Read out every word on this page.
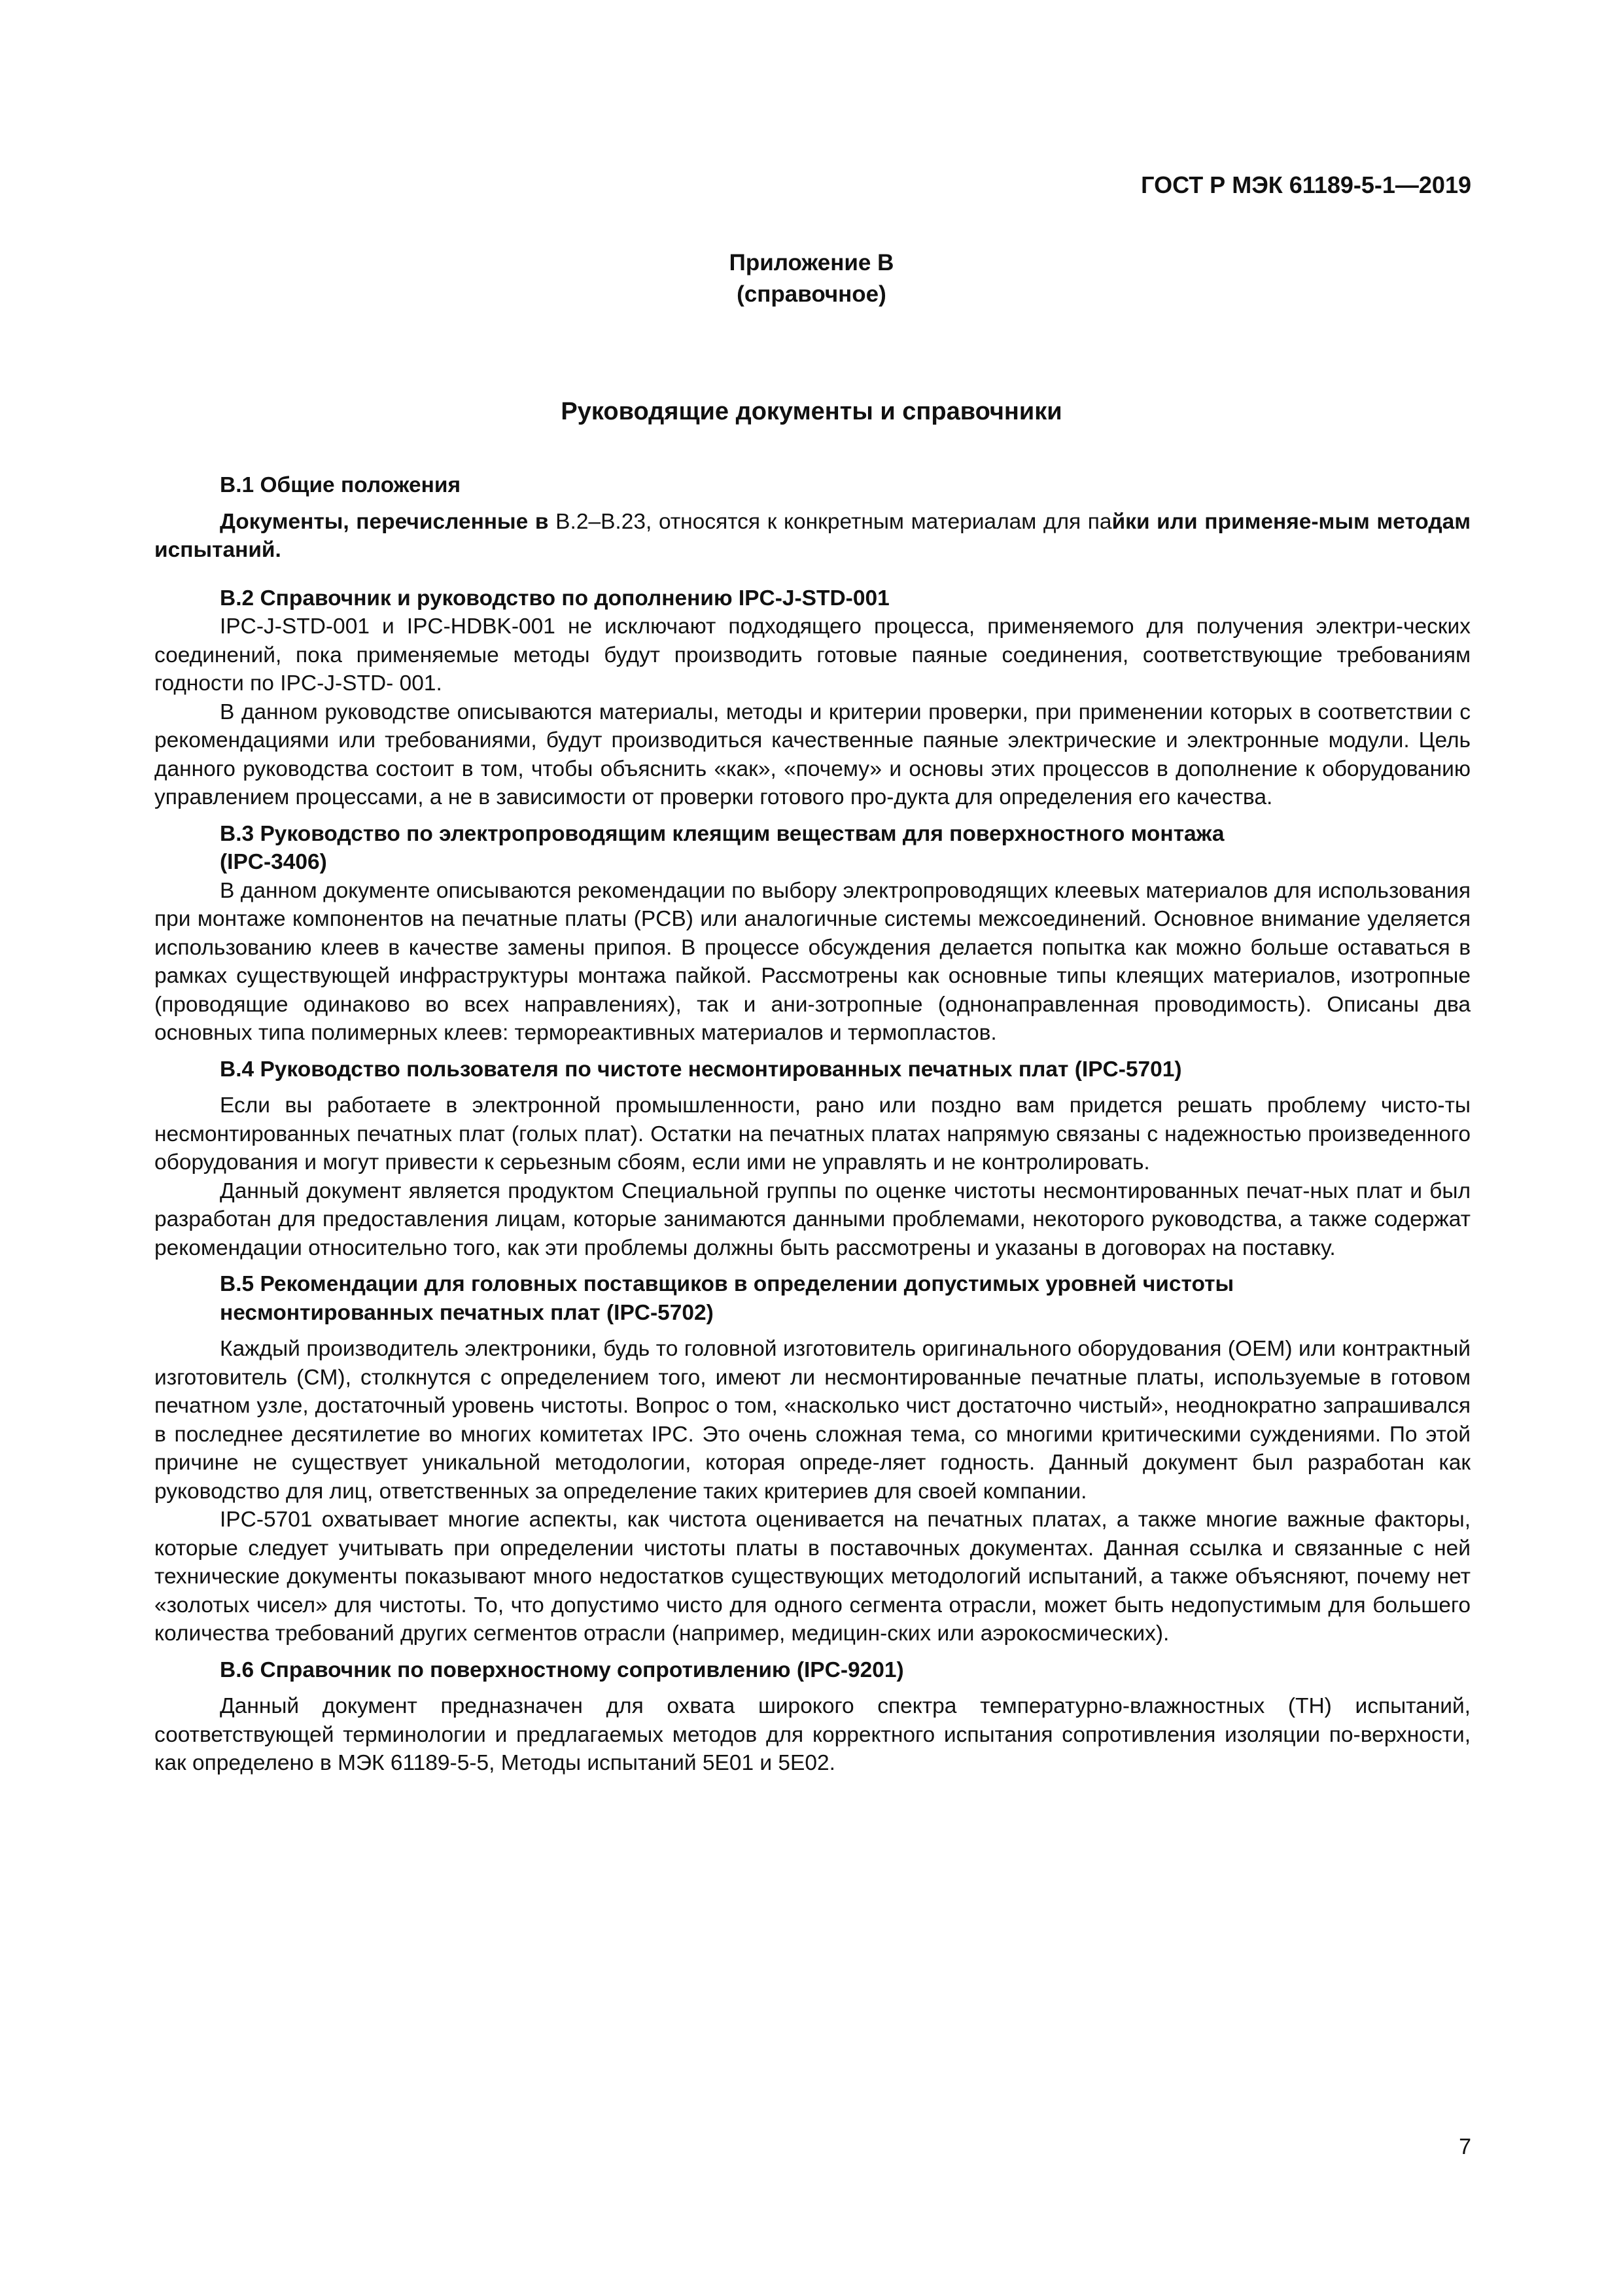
ГОСТ Р МЭК 61189-5-1—2019
Приложение В
(справочное)
Руководящие документы и справочники
В.1 Общие положения

Документы, перечисленные в В.2–В.23, относятся к конкретным материалам для пайки или применяе-мым методам испытаний.

В.2 Справочник и руководство по дополнению IPC-J-STD-001

IPC-J-STD-001 и IPC-HDBK-001 не исключают подходящего процесса, применяемого для получения электри-ческих соединений, пока применяемые методы будут производить готовые паяные соединения, соответствующие требованиям годности по IPC-J-STD- 001.

В данном руководстве описываются материалы, методы и критерии проверки, при применении которых в соответствии с рекомендациями или требованиями, будут производиться качественные паяные электрические и электронные модули. Цель данного руководства состоит в том, чтобы объяснить «как», «почему» и основы этих процессов в дополнение к оборудованию управлением процессами, а не в зависимости от проверки готового про-дукта для определения его качества.

В.3 Руководство по электропроводящим клеящим веществам для поверхностного монтажа
(IPC-3406)

В данном документе описываются рекомендации по выбору электропроводящих клеевых материалов для использования при монтаже компонентов на печатные платы (PCB) или аналогичные системы межсоединений. Основное внимание уделяется использованию клеев в качестве замены припоя. В процессе обсуждения делается попытка как можно больше оставаться в рамках существующей инфраструктуры монтажа пайкой. Рассмотрены как основные типы клеящих материалов, изотропные (проводящие одинаково во всех направлениях), так и ани-зотропные (однонаправленная проводимость). Описаны два основных типа полимерных клеев: термореактивных материалов и термопластов.

В.4 Руководство пользователя по чистоте несмонтированных печатных плат (IPC-5701)

Если вы работаете в электронной промышленности, рано или поздно вам придется решать проблему чисто-ты несмонтированных печатных плат (голых плат). Остатки на печатных платах напрямую связаны с надежностью произведенного оборудования и могут привести к серьезным сбоям, если ими не управлять и не контролировать.

Данный документ является продуктом Специальной группы по оценке чистоты несмонтированных печат-ных плат и был разработан для предоставления лицам, которые занимаются данными проблемами, некоторого руководства, а также содержат рекомендации относительно того, как эти проблемы должны быть рассмотрены и указаны в договорах на поставку.

В.5 Рекомендации для головных поставщиков в определении допустимых уровней чистоты
несмонтированных печатных плат (IPC-5702)

Каждый производитель электроники, будь то головной изготовитель оригинального оборудования (OEM) или контрактный изготовитель (CM), столкнутся с определением того, имеют ли несмонтированные печатные платы, используемые в готовом печатном узле, достаточный уровень чистоты. Вопрос о том, «насколько чист достаточно чистый», неоднократно запрашивался в последнее десятилетие во многих комитетах IPC. Это очень сложная тема, со многими критическими суждениями. По этой причине не существует уникальной методологии, которая опреде-ляет годность. Данный документ был разработан как руководство для лиц, ответственных за определение таких критериев для своей компании.

IPC-5701 охватывает многие аспекты, как чистота оценивается на печатных платах, а также многие важные факторы, которые следует учитывать при определении чистоты платы в поставочных документах. Данная ссылка и связанные с ней технические документы показывают много недостатков существующих методологий испытаний, а также объясняют, почему нет «золотых чисел» для чистоты. То, что допустимо чисто для одного сегмента отрасли, может быть недопустимым для большего количества требований других сегментов отрасли (например, медицин-ских или аэрокосмических).

В.6 Справочник по поверхностному сопротивлению (IPC-9201)

Данный документ предназначен для охвата широкого спектра температурно-влажностных (TH) испытаний, соответствующей терминологии и предлагаемых методов для корректного испытания сопротивления изоляции по-верхности, как определено в МЭК 61189-5-5, Методы испытаний 5E01 и 5E02.

7
